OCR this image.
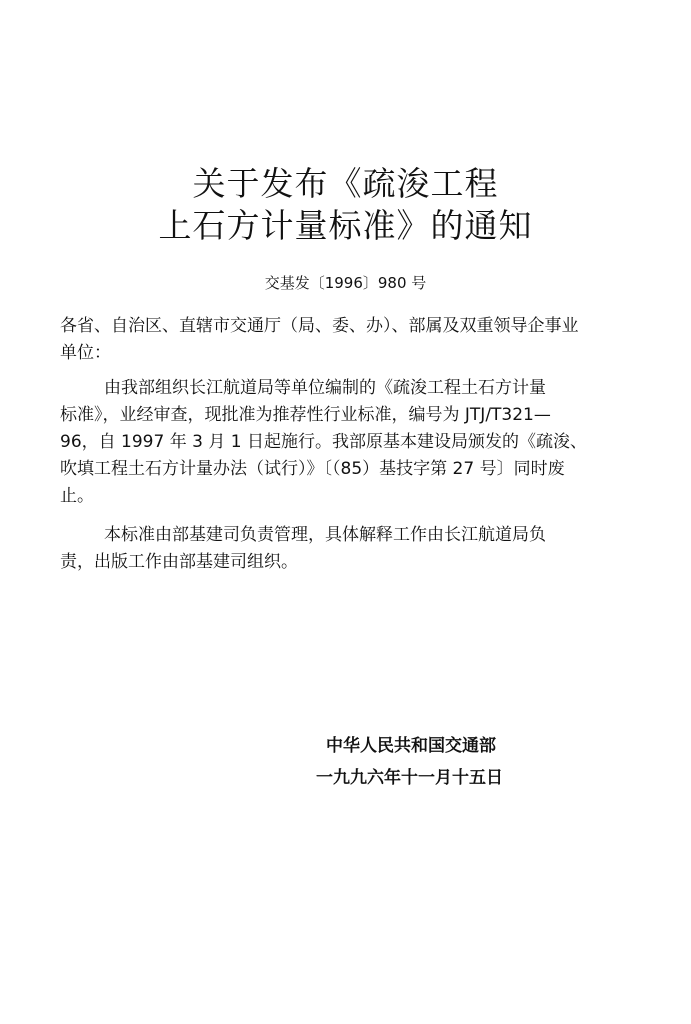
关于发布《疏浚工程
上石方计量标准》的通知
交基发〔1996〕980 号
各省、自治区、直辖市交通厅（局、委、办）、部属及双重领导企事业
单位：
由我部组织长江航道局等单位编制的《疏浚工程土石方计量
标准》，业经审查，现批准为推荐性行业标准，编号为 JTJ/T321—
96，自 1997 年 3 月 1 日起施行。我部原基本建设局颁发的《疏浚、
吹填工程土石方计量办法（试行）》〔（85）基技字第 27 号〕同时废
止。
本标准由部基建司负责管理，具体解释工作由长江航道局负
责，出版工作由部基建司组织。
中华人民共和国交通部
一九九六年十一月十五日
